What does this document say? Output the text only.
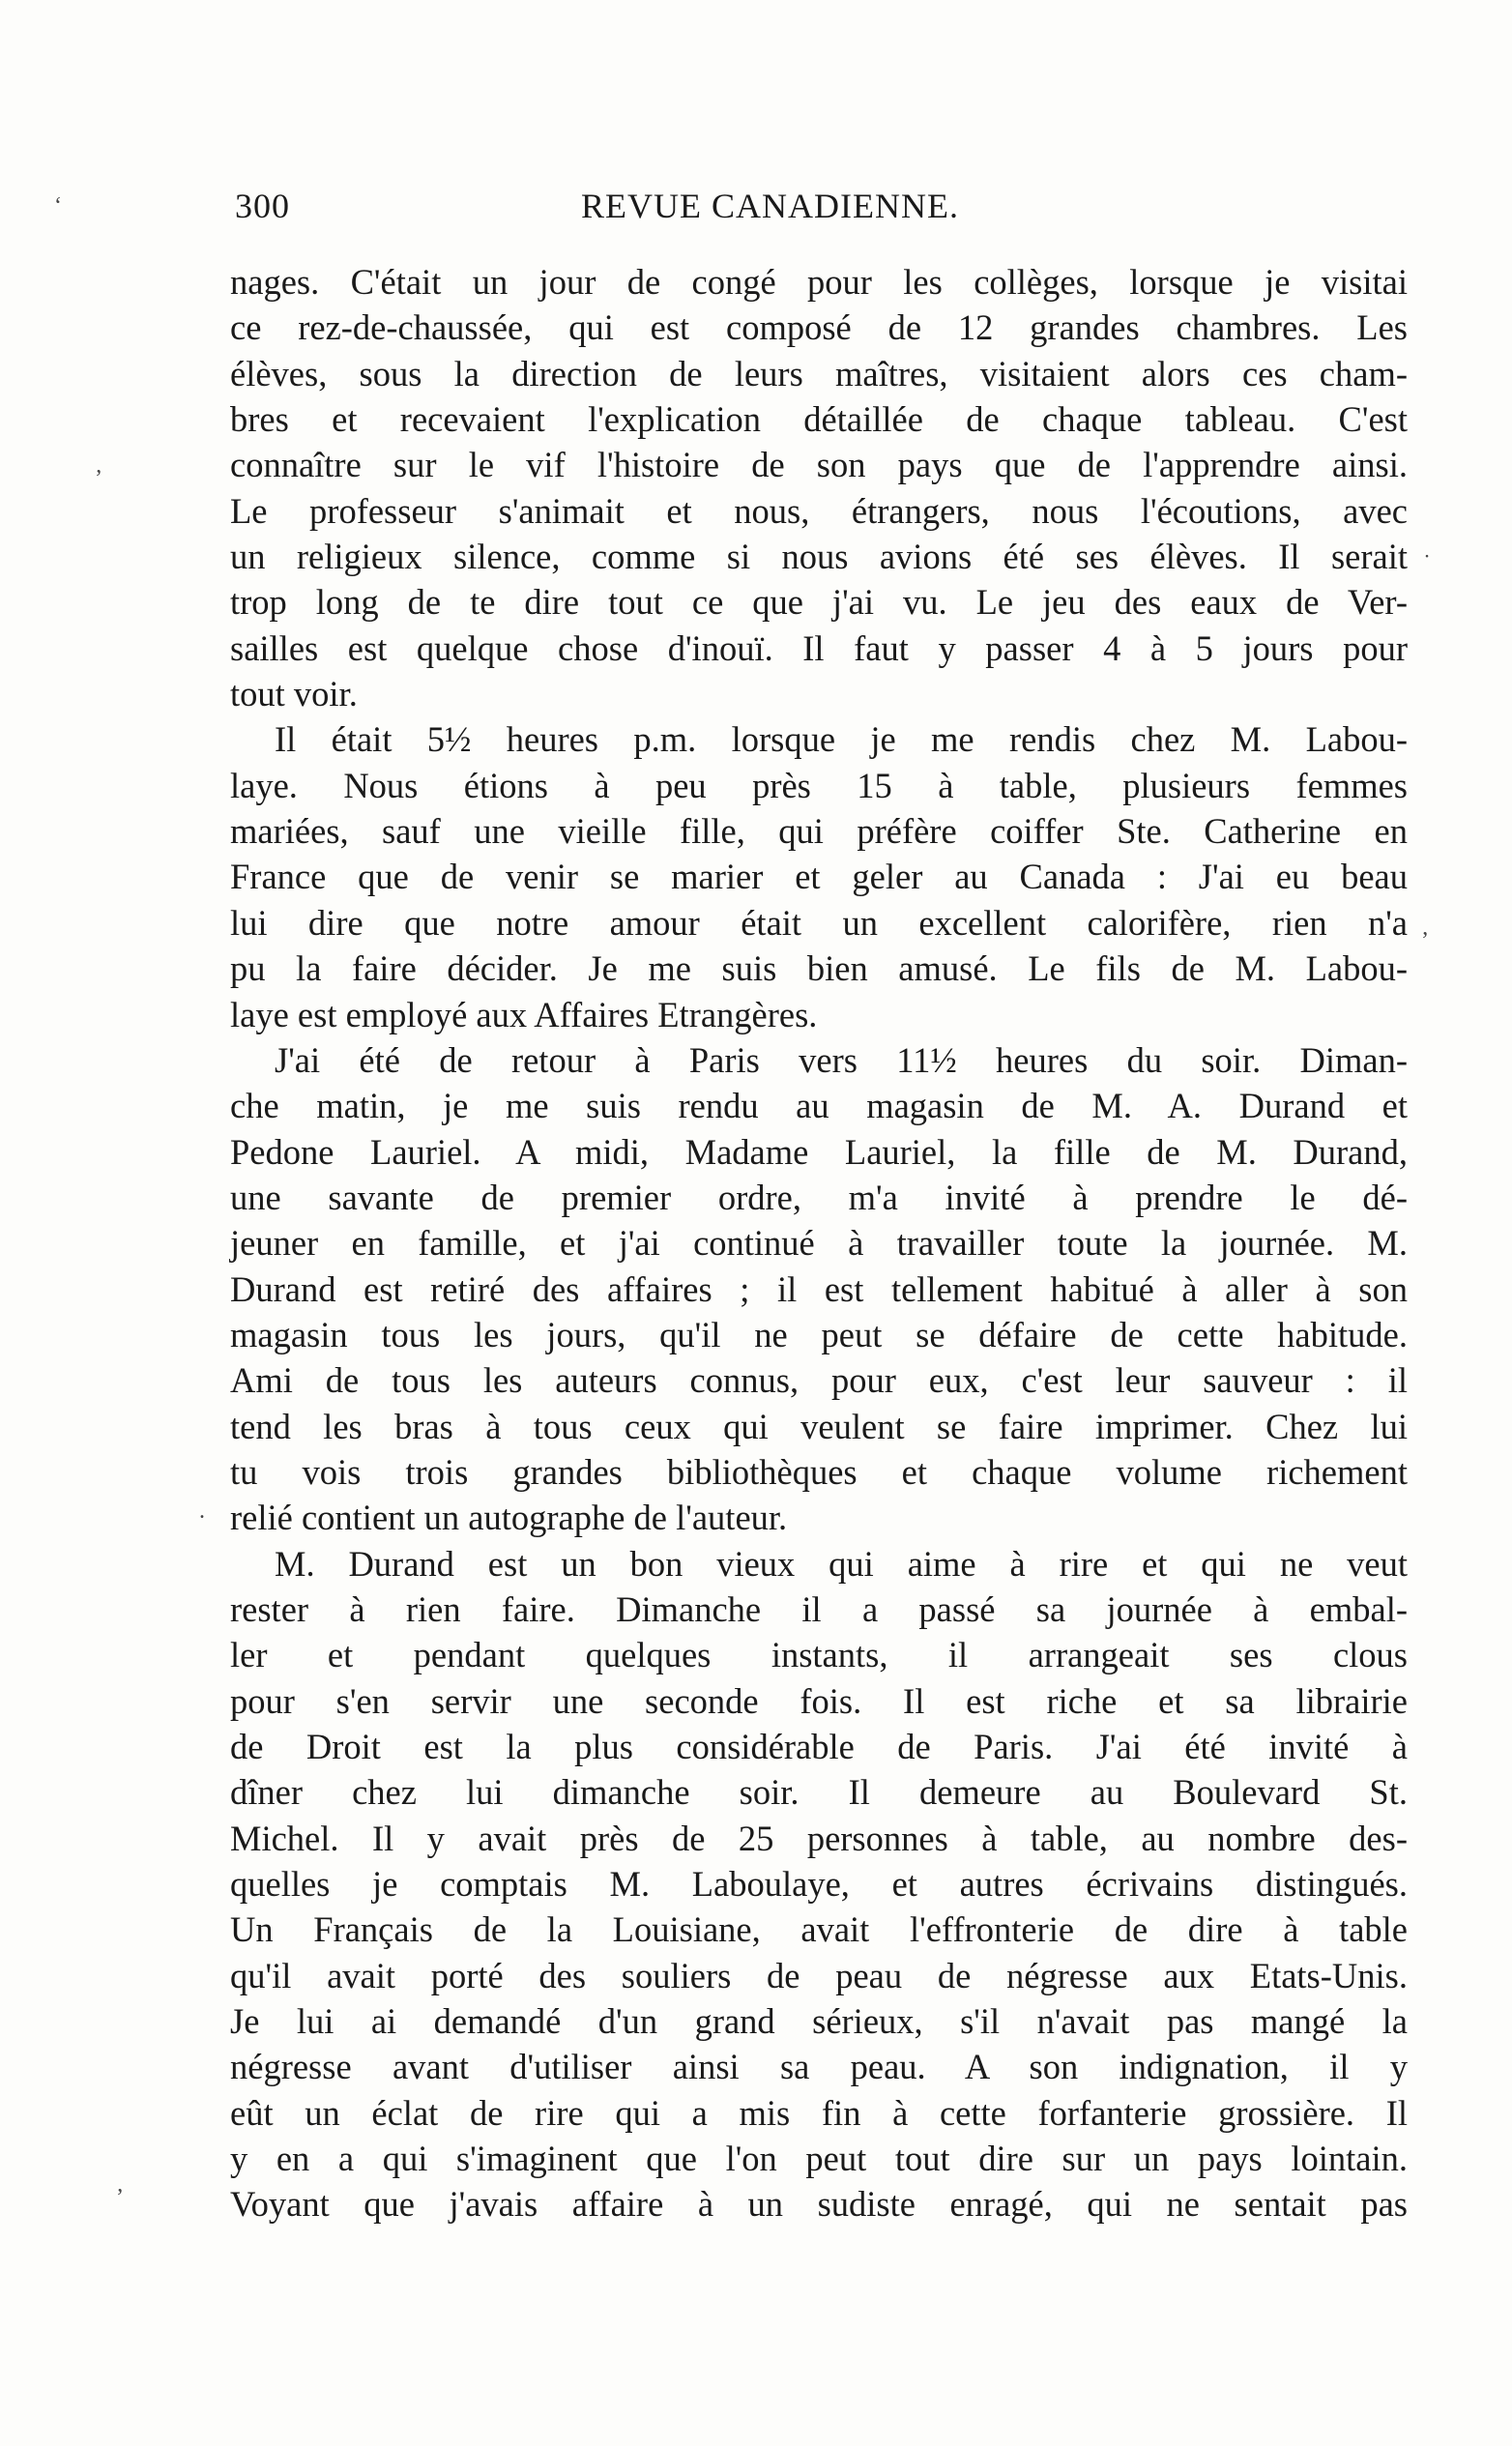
‘
’
˙
’
.
’
300	REVUE CANADIENNE.
nages. C'était un jour de congé pour les collèges, lorsque je visitai
ce rez-de-chaussée, qui est composé de 12 grandes chambres. Les
élèves, sous la direction de leurs maîtres, visitaient alors ces cham-
bres et recevaient l'explication détaillée de chaque tableau. C'est
connaître sur le vif l'histoire de son pays que de l'apprendre ainsi.
Le professeur s'animait et nous, étrangers, nous l'écoutions, avec
un religieux silence, comme si nous avions été ses élèves. Il serait
trop long de te dire tout ce que j'ai vu. Le jeu des eaux de Ver-
sailles est quelque chose d'inouï. Il faut y passer 4 à 5 jours pour
tout voir.
Il était 5½ heures p.m. lorsque je me rendis chez M. Labou-
laye. Nous étions à peu près 15 à table, plusieurs femmes
mariées, sauf une vieille fille, qui préfère coiffer Ste. Catherine en
France que de venir se marier et geler au Canada : J'ai eu beau
lui dire que notre amour était un excellent calorifère, rien n'a
pu la faire décider. Je me suis bien amusé. Le fils de M. Labou-
laye est employé aux Affaires Etrangères.
J'ai été de retour à Paris vers 11½ heures du soir. Diman-
che matin, je me suis rendu au magasin de M. A. Durand et
Pedone Lauriel. A midi, Madame Lauriel, la fille de M. Durand,
une savante de premier ordre, m'a invité à prendre le dé-
jeuner en famille, et j'ai continué à travailler toute la journée. M.
Durand est retiré des affaires ; il est tellement habitué à aller à son
magasin tous les jours, qu'il ne peut se défaire de cette habitude.
Ami de tous les auteurs connus, pour eux, c'est leur sauveur : il
tend les bras à tous ceux qui veulent se faire imprimer. Chez lui
tu vois trois grandes bibliothèques et chaque volume richement
relié contient un autographe de l'auteur.
M. Durand est un bon vieux qui aime à rire et qui ne veut
rester à rien faire. Dimanche il a passé sa journée à embal-
ler et pendant quelques instants, il arrangeait ses clous
pour s'en servir une seconde fois. Il est riche et sa librairie
de Droit est la plus considérable de Paris. J'ai été invité à
dîner chez lui dimanche soir. Il demeure au Boulevard St.
Michel. Il y avait près de 25 personnes à table, au nombre des-
quelles je comptais M. Laboulaye, et autres écrivains distingués.
Un Français de la Louisiane, avait l'effronterie de dire à table
qu'il avait porté des souliers de peau de négresse aux Etats-Unis.
Je lui ai demandé d'un grand sérieux, s'il n'avait pas mangé la
négresse avant d'utiliser ainsi sa peau. A son indignation, il y
eût un éclat de rire qui a mis fin à cette forfanterie grossière. Il
y en a qui s'imaginent que l'on peut tout dire sur un pays lointain.
Voyant que j'avais affaire à un sudiste enragé, qui ne sentait pas
